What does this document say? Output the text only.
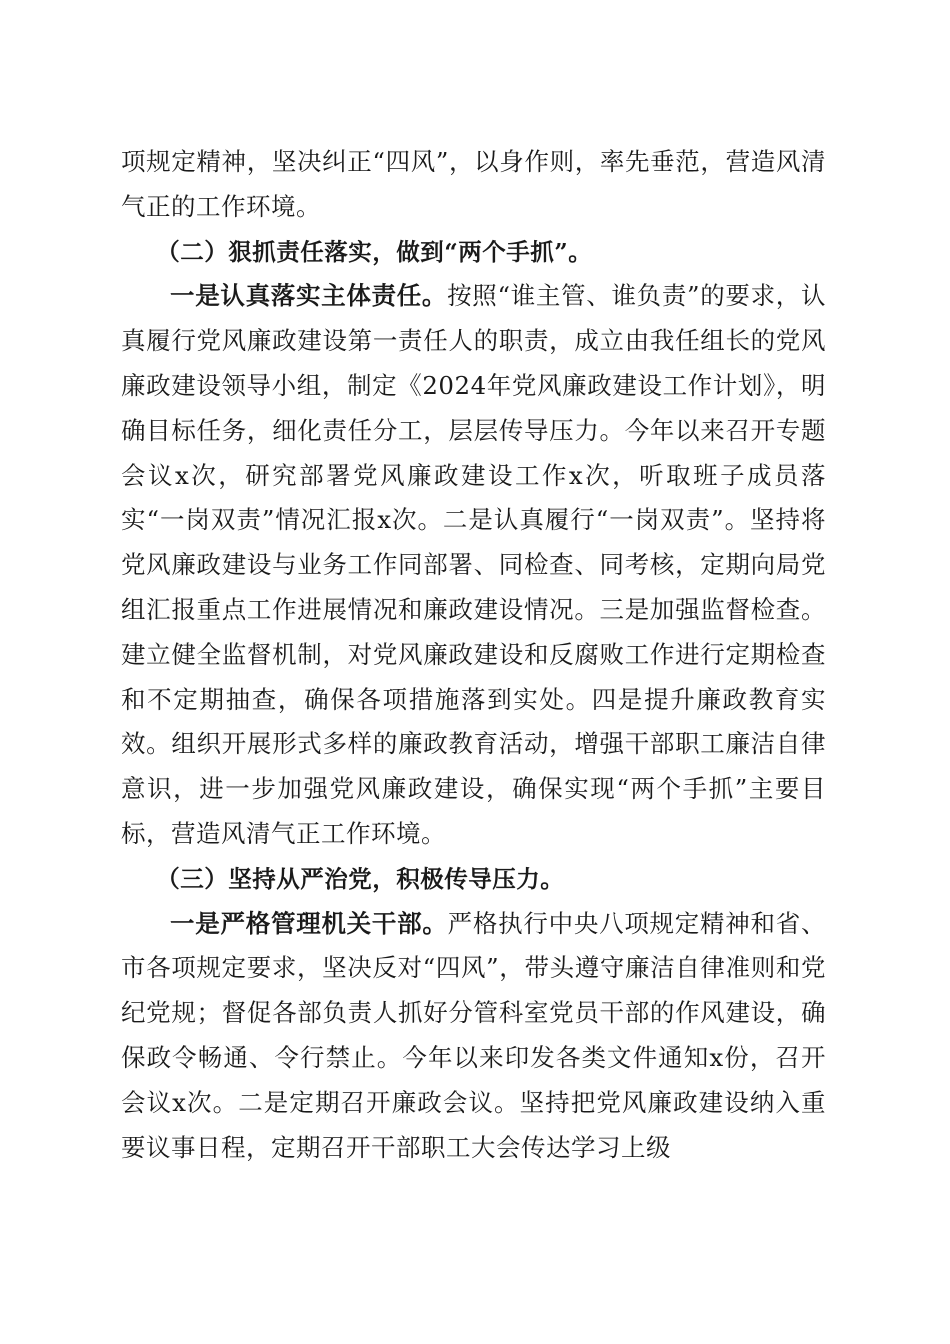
项规定精神，坚决纠正“四风”，以身作则，率先垂范，营造风清气正的工作环境。

（二）狠抓责任落实，做到“两个手抓”。

一是认真落实主体责任。按照“谁主管、谁负责”的要求，认真履行党风廉政建设第一责任人的职责，成立由我任组长的党风廉政建设领导小组，制定《2024年党风廉政建设工作计划》，明确目标任务，细化责任分工，层层传导压力。今年以来召开专题会议x次，研究部署党风廉政建设工作x次，听取班子成员落实“一岗双责”情况汇报x次。二是认真履行“一岗双责”。坚持将党风廉政建设与业务工作同部署、同检查、同考核，定期向局党组汇报重点工作进展情况和廉政建设情况。三是加强监督检查。建立健全监督机制，对党风廉政建设和反腐败工作进行定期检查和不定期抽查，确保各项措施落到实处。四是提升廉政教育实效。组织开展形式多样的廉政教育活动，增强干部职工廉洁自律意识，进一步加强党风廉政建设，确保实现“两个手抓”主要目标，营造风清气正工作环境。

（三）坚持从严治党，积极传导压力。

一是严格管理机关干部。严格执行中央八项规定精神和省、市各项规定要求，坚决反对“四风”，带头遵守廉洁自律准则和党纪党规；督促各部负责人抓好分管科室党员干部的作风建设，确保政令畅通、令行禁止。今年以来印发各类文件通知x份，召开会议x次。二是定期召开廉政会议。坚持把党风廉政建设纳入重要议事日程，定期召开干部职工大会传达学习上级
